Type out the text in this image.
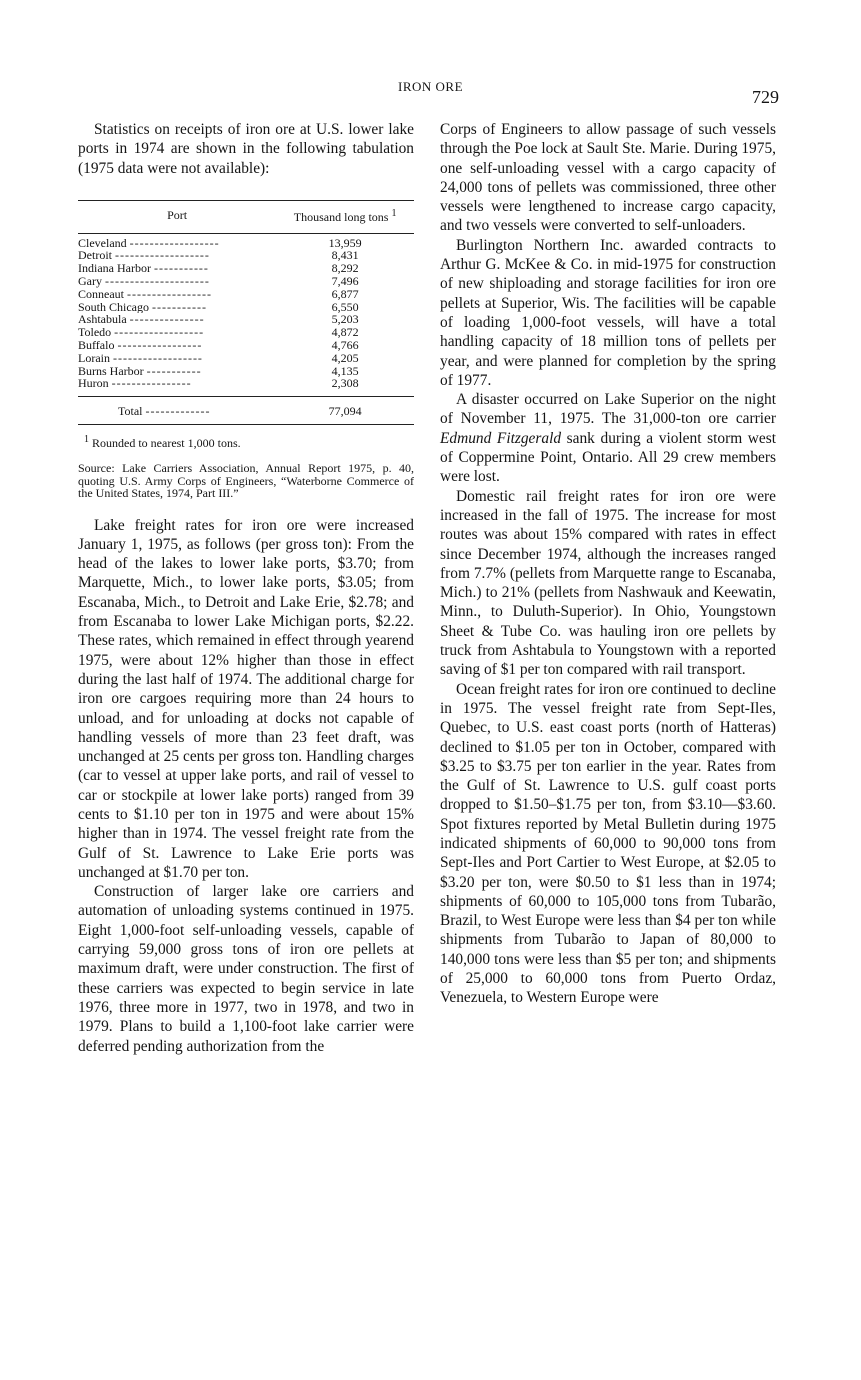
IRON ORE
729

Statistics on receipts of iron ore at U.S. lower lake ports in 1974 are shown in the following tabulation (1975 data were not available):

Port	Thousand long tons $^1$
Cleveland ------------------	13,959
Detroit -------------------	8,431
Indiana Harbor -----------	8,292
Gary ---------------------	7,496
Conneaut -----------------	6,877
South Chicago -----------	6,550
Ashtabula ---------------	5,203
Toledo ------------------	4,872
Buffalo -----------------	4,766
Lorain ------------------	4,205
Burns Harbor -----------	4,135
Huron ----------------	2,308
Total -------------	77,094
$^1$ Rounded to nearest 1,000 tons.
Source: Lake Carriers Association, Annual Report 1975, p. 40, quoting U.S. Army Corps of Engineers, “Waterborne Commerce of the United States, 1974, Part III.”

Lake freight rates for iron ore were increased January 1, 1975, as follows (per gross ton): From the head of the lakes to lower lake ports, $3.70; from Marquette, Mich., to lower lake ports, $3.05; from Escanaba, Mich., to Detroit and Lake Erie, $2.78; and from Escanaba to lower Lake Michigan ports, $2.22. These rates, which remained in effect through yearend 1975, were about 12% higher than those in effect during the last half of 1974. The additional charge for iron ore cargoes requiring more than 24 hours to unload, and for unloading at docks not capable of handling vessels of more than 23 feet draft, was unchanged at 25 cents per gross ton. Handling charges (car to vessel at upper lake ports, and rail of vessel to car or stockpile at lower lake ports) ranged from 39 cents to $1.10 per ton in 1975 and were about 15% higher than in 1974. The vessel freight rate from the Gulf of St. Lawrence to Lake Erie ports was unchanged at $1.70 per ton.

Construction of larger lake ore carriers and automation of unloading systems continued in 1975. Eight 1,000-foot self-unloading vessels, capable of carrying 59,000 gross tons of iron ore pellets at maximum draft, were under construction. The first of these carriers was expected to begin service in late 1976, three more in 1977, two in 1978, and two in 1979. Plans to build a 1,100-foot lake carrier were deferred pending authorization from the

Corps of Engineers to allow passage of such vessels through the Poe lock at Sault Ste. Marie. During 1975, one self-unloading vessel with a cargo capacity of 24,000 tons of pellets was commissioned, three other vessels were lengthened to increase cargo capacity, and two vessels were converted to self-unloaders.

Burlington Northern Inc. awarded contracts to Arthur G. McKee & Co. in mid-1975 for construction of new shiploading and storage facilities for iron ore pellets at Superior, Wis. The facilities will be capable of loading 1,000-foot vessels, will have a total handling capacity of 18 million tons of pellets per year, and were planned for completion by the spring of 1977.

A disaster occurred on Lake Superior on the night of November 11, 1975. The 31,000-ton ore carrier Edmund Fitzgerald sank during a violent storm west of Coppermine Point, Ontario. All 29 crew members were lost.

Domestic rail freight rates for iron ore were increased in the fall of 1975. The increase for most routes was about 15% compared with rates in effect since December 1974, although the increases ranged from 7.7% (pellets from Marquette range to Escanaba, Mich.) to 21% (pellets from Nashwauk and Keewatin, Minn., to Duluth-Superior). In Ohio, Youngstown Sheet & Tube Co. was hauling iron ore pellets by truck from Ashtabula to Youngstown with a reported saving of $1 per ton compared with rail transport.

Ocean freight rates for iron ore continued to decline in 1975. The vessel freight rate from Sept-Iles, Quebec, to U.S. east coast ports (north of Hatteras) declined to $1.05 per ton in October, compared with $3.25 to $3.75 per ton earlier in the year. Rates from the Gulf of St. Lawrence to U.S. gulf coast ports dropped to $1.50–$1.75 per ton, from $3.10—$3.60. Spot fixtures reported by Metal Bulletin during 1975 indicated shipments of 60,000 to 90,000 tons from Sept-Iles and Port Cartier to West Europe, at $2.05 to $3.20 per ton, were $0.50 to $1 less than in 1974; shipments of 60,000 to 105,000 tons from Tubarão, Brazil, to West Europe were less than $4 per ton while shipments from Tubarão to Japan of 80,000 to 140,000 tons were less than $5 per ton; and shipments of 25,000 to 60,000 tons from Puerto Ordaz, Venezuela, to Western Europe were
